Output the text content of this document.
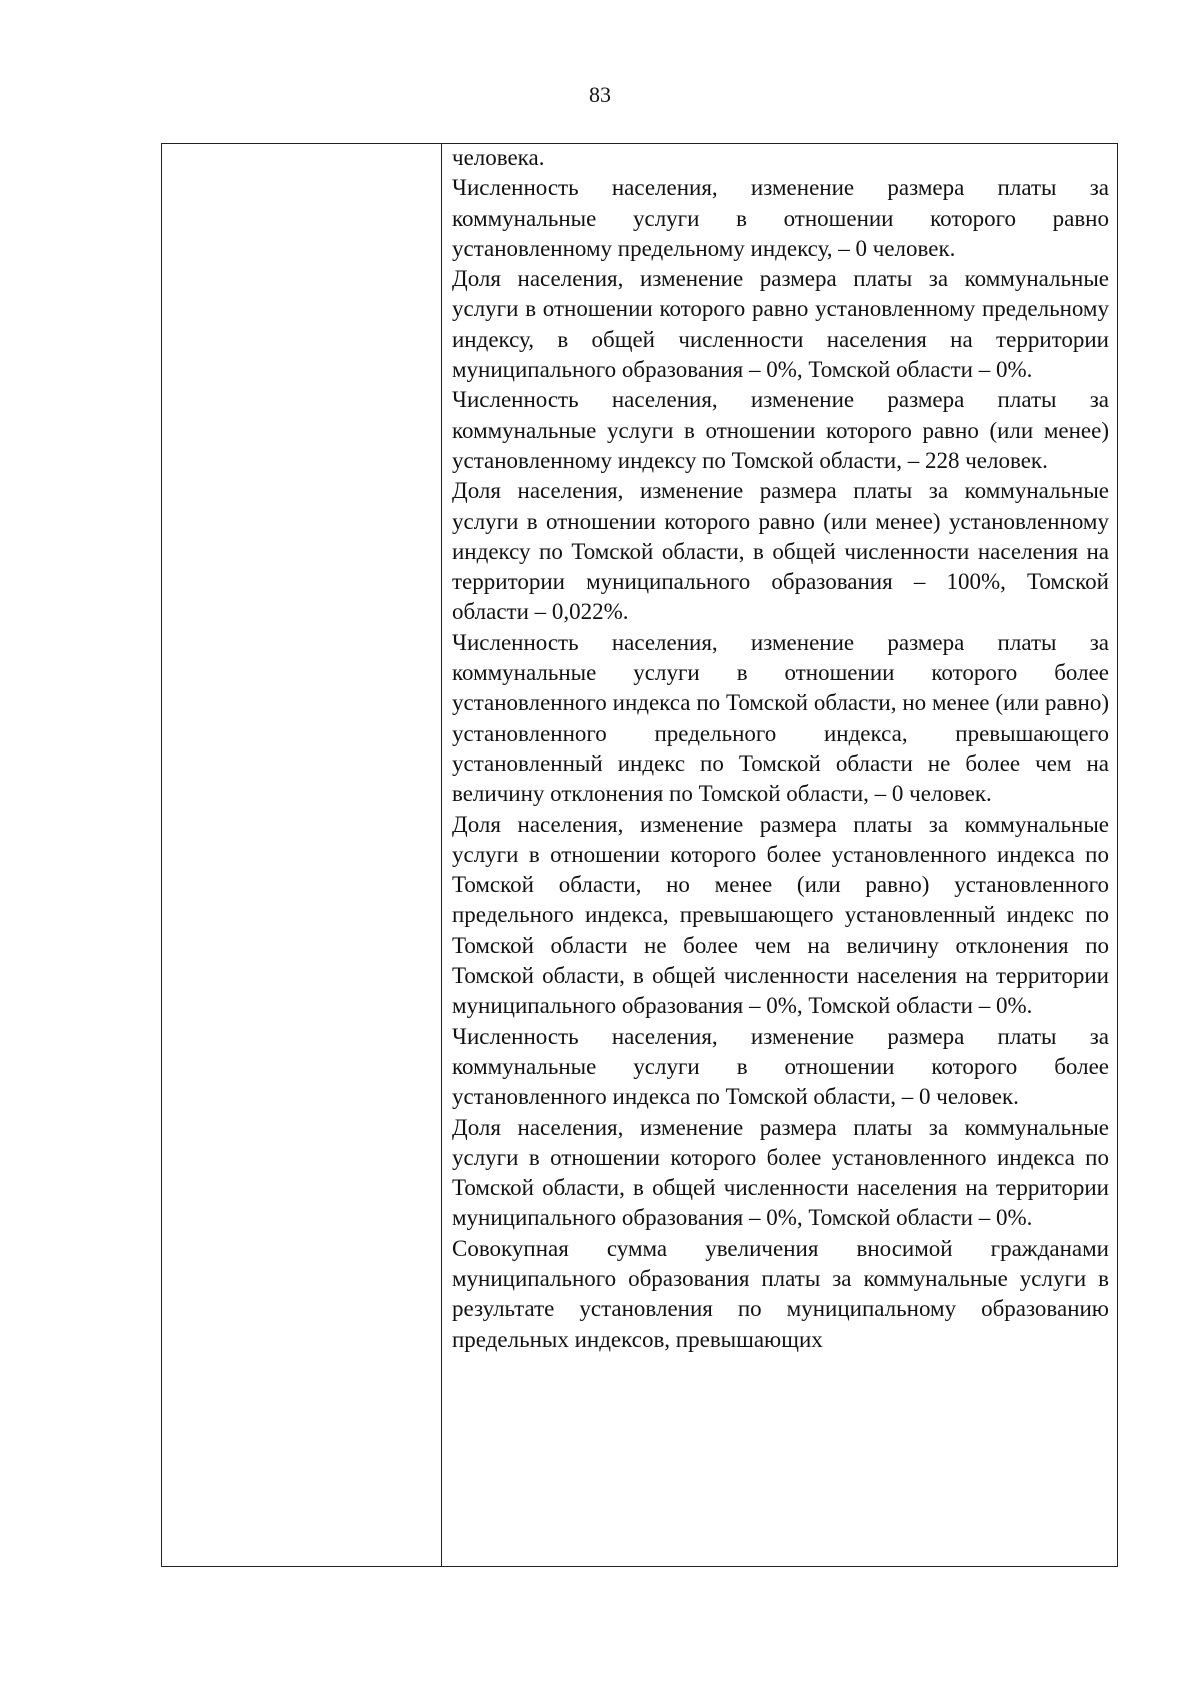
83

человека.

Численность населения, изменение размера платы за коммунальные услуги в отношении которого равно установленному предельному индексу, – 0 человек.

Доля населения, изменение размера платы за коммунальные услуги в отношении которого равно установленному предельному индексу, в общей численности населения на территории муниципального образования – 0%, Томской области – 0%.

Численность населения, изменение размера платы за коммунальные услуги в отношении которого равно (или менее) установленному индексу по Томской области, – 228 человек.

Доля населения, изменение размера платы за коммунальные услуги в отношении которого равно (или менее) установленному индексу по Томской области, в общей численности населения на территории муниципального образования – 100%, Томской области – 0,022%.

Численность населения, изменение размера платы за коммунальные услуги в отношении которого более установленного индекса по Томской области, но менее (или равно) установленного предельного индекса, превышающего установленный индекс по Томской области не более чем на величину отклонения по Томской области, – 0 человек.

Доля населения, изменение размера платы за коммунальные услуги в отношении которого более установленного индекса по Томской области, но менее (или равно) установленного предельного индекса, превышающего установленный индекс по Томской области не более чем на величину отклонения по Томской области, в общей численности населения на территории муниципального образования – 0%, Томской области – 0%.

Численность населения, изменение размера платы за коммунальные услуги в отношении которого более установленного индекса по Томской области, – 0 человек.

Доля населения, изменение размера платы за коммунальные услуги в отношении которого более установленного индекса по Томской области, в общей численности населения на территории муниципального образования – 0%, Томской области – 0%.

Совокупная сумма увеличения вносимой гражданами муниципального образования платы за коммунальные услуги в результате установления по муниципальному образованию предельных индексов, превышающих
